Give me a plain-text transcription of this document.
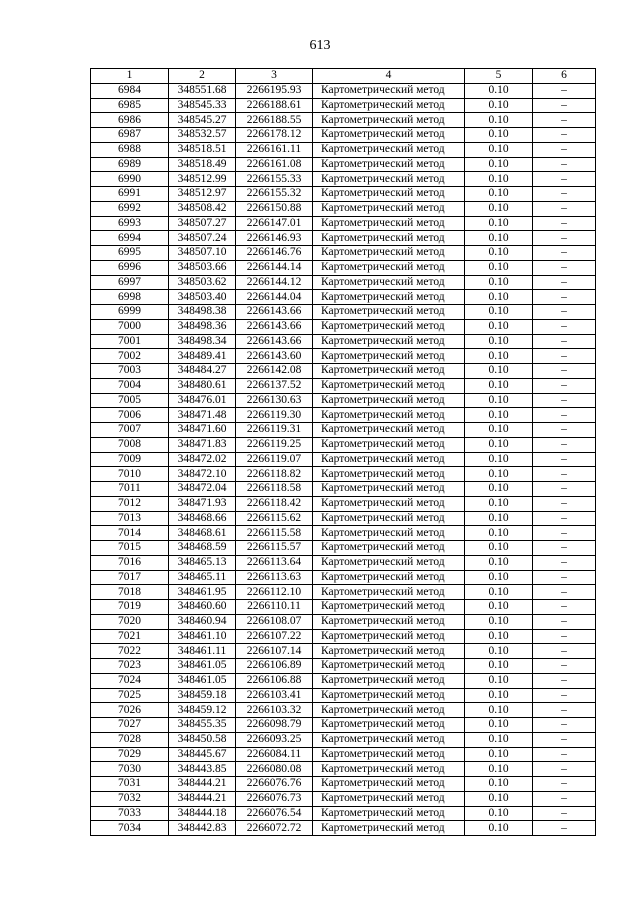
613
1	2	3	4	5	6
6984	348551.68	2266195.93	Картометрический метод	0.10	–
6985	348545.33	2266188.61	Картометрический метод	0.10	–
6986	348545.27	2266188.55	Картометрический метод	0.10	–
6987	348532.57	2266178.12	Картометрический метод	0.10	–
6988	348518.51	2266161.11	Картометрический метод	0.10	–
6989	348518.49	2266161.08	Картометрический метод	0.10	–
6990	348512.99	2266155.33	Картометрический метод	0.10	–
6991	348512.97	2266155.32	Картометрический метод	0.10	–
6992	348508.42	2266150.88	Картометрический метод	0.10	–
6993	348507.27	2266147.01	Картометрический метод	0.10	–
6994	348507.24	2266146.93	Картометрический метод	0.10	–
6995	348507.10	2266146.76	Картометрический метод	0.10	–
6996	348503.66	2266144.14	Картометрический метод	0.10	–
6997	348503.62	2266144.12	Картометрический метод	0.10	–
6998	348503.40	2266144.04	Картометрический метод	0.10	–
6999	348498.38	2266143.66	Картометрический метод	0.10	–
7000	348498.36	2266143.66	Картометрический метод	0.10	–
7001	348498.34	2266143.66	Картометрический метод	0.10	–
7002	348489.41	2266143.60	Картометрический метод	0.10	–
7003	348484.27	2266142.08	Картометрический метод	0.10	–
7004	348480.61	2266137.52	Картометрический метод	0.10	–
7005	348476.01	2266130.63	Картометрический метод	0.10	–
7006	348471.48	2266119.30	Картометрический метод	0.10	–
7007	348471.60	2266119.31	Картометрический метод	0.10	–
7008	348471.83	2266119.25	Картометрический метод	0.10	–
7009	348472.02	2266119.07	Картометрический метод	0.10	–
7010	348472.10	2266118.82	Картометрический метод	0.10	–
7011	348472.04	2266118.58	Картометрический метод	0.10	–
7012	348471.93	2266118.42	Картометрический метод	0.10	–
7013	348468.66	2266115.62	Картометрический метод	0.10	–
7014	348468.61	2266115.58	Картометрический метод	0.10	–
7015	348468.59	2266115.57	Картометрический метод	0.10	–
7016	348465.13	2266113.64	Картометрический метод	0.10	–
7017	348465.11	2266113.63	Картометрический метод	0.10	–
7018	348461.95	2266112.10	Картометрический метод	0.10	–
7019	348460.60	2266110.11	Картометрический метод	0.10	–
7020	348460.94	2266108.07	Картометрический метод	0.10	–
7021	348461.10	2266107.22	Картометрический метод	0.10	–
7022	348461.11	2266107.14	Картометрический метод	0.10	–
7023	348461.05	2266106.89	Картометрический метод	0.10	–
7024	348461.05	2266106.88	Картометрический метод	0.10	–
7025	348459.18	2266103.41	Картометрический метод	0.10	–
7026	348459.12	2266103.32	Картометрический метод	0.10	–
7027	348455.35	2266098.79	Картометрический метод	0.10	–
7028	348450.58	2266093.25	Картометрический метод	0.10	–
7029	348445.67	2266084.11	Картометрический метод	0.10	–
7030	348443.85	2266080.08	Картометрический метод	0.10	–
7031	348444.21	2266076.76	Картометрический метод	0.10	–
7032	348444.21	2266076.73	Картометрический метод	0.10	–
7033	348444.18	2266076.54	Картометрический метод	0.10	–
7034	348442.83	2266072.72	Картометрический метод	0.10	–
